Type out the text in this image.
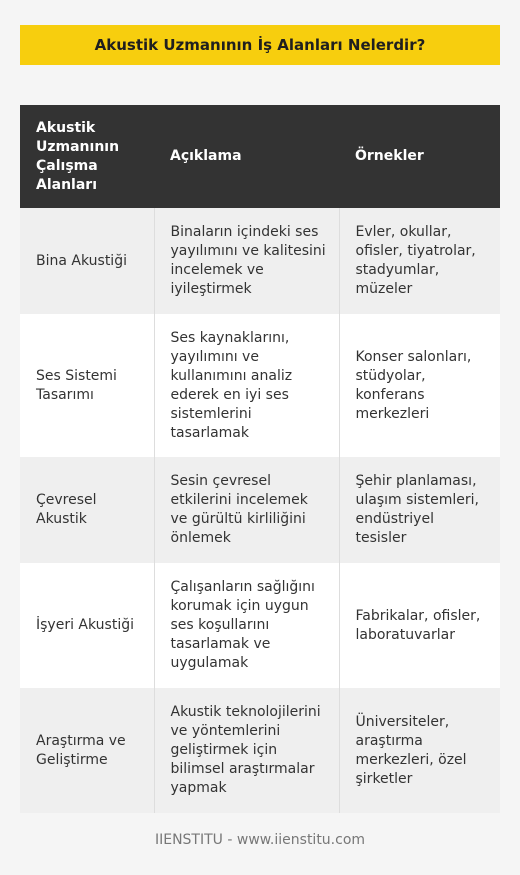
Akustik Uzmanının İş Alanları Nelerdir?
Akustik Uzmanının Çalışma Alanları	Açıklama	Örnekler
Bina Akustiği	Binaların içindeki ses yayılımını ve kalitesini incelemek ve iyileştirmek	Evler, okullar, ofisler, tiyatrolar, stadyumlar, müzeler
Ses Sistemi Tasarımı	Ses kaynaklarını, yayılımını ve kullanımını analiz ederek en iyi ses sistemlerini tasarlamak	Konser salonları, stüdyolar, konferans merkezleri
Çevresel Akustik	Sesin çevresel etkilerini incelemek ve gürültü kirliliğini önlemek	Şehir planlaması, ulaşım sistemleri, endüstriyel tesisler
İşyeri Akustiği	Çalışanların sağlığını korumak için uygun ses koşullarını tasarlamak ve uygulamak	Fabrikalar, ofisler, laboratuvarlar
Araştırma ve Geliştirme	Akustik teknolojilerini ve yöntemlerini geliştirmek için bilimsel araştırmalar yapmak	Üniversiteler, araştırma merkezleri, özel şirketler
IIENSTITU - www.iienstitu.com
